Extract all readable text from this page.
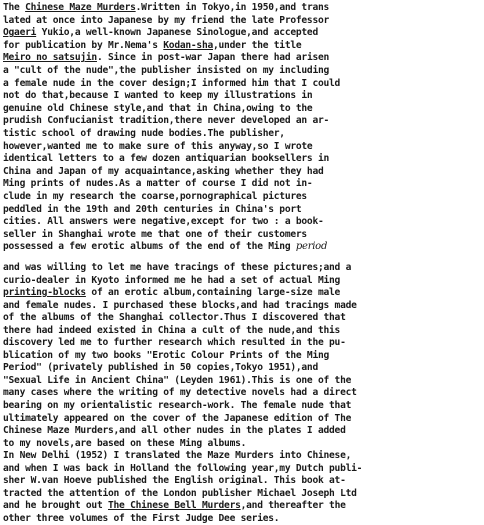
The Chinese Maze Murders.Written in Tokyo,in 1950,and trans
lated at once into Japanese by my friend the late Professor
Ogaeri Yukio,a well-known Japanese Sinologue,and accepted
for publication by Mr.Nema's Kodan-sha,under the title
Meiro no satsujin. Since in post-war Japan there had arisen
a "cult of the nude",the publisher insisted on my including
a female nude in the cover design;I informed him that I could
not do that,because I wanted to keep my illustrations in
genuine old Chinese style,and that in China,owing to the
prudish Confucianist tradition,there never developed an ar-
tistic school of drawing nude bodies.The publisher,
however,wanted me to make sure of this anyway,so I wrote
identical letters to a few dozen antiquarian booksellers in
China and Japan of my acquaintance,asking whether they had
Ming prints of nudes.As a matter of course I did not in-
clude in my research the coarse,pornographical pictures
peddled in the 19th and 20th centuries in China's port
cities. All answers were negative,except for two : a book-
seller in Shanghai wrote me that one of their customers
possessed a few erotic albums of the end of the Ming period
and was willing to let me have tracings of these pictures;and a
curio-dealer in Kyoto informed me he had a set of actual Ming
printing-blocks of an erotic album,containing large-size male
and female nudes. I purchased these blocks,and had tracings made
of the albums of the Shanghai collector.Thus I discovered that
there had indeed existed in China a cult of the nude,and this
discovery led me to further research which resulted in the pu-
blication of my two books "Erotic Colour Prints of the Ming
Period" (privately published in 50 copies,Tokyo 1951),and
"Sexual Life in Ancient China" (Leyden 1961).This is one of the
many cases where the writing of my detective novels had a direct
bearing on my orientalistic research-work. The female nude that
ultimately appeared on the cover of the Japanese edition of The
Chinese Maze Murders,and all other nudes in the plates I added
to my novels,are based on these Ming albums.
In New Delhi (1952) I translated the Maze Murders into Chinese,
and when I was back in Holland the following year,my Dutch publi-
sher W.van Hoeve published the English original. This book at-
tracted the attention of the London publisher Michael Joseph Ltd
and he brought out The Chinese Bell Murders,and thereafter the
other three volumes of the First Judge Dee series.
